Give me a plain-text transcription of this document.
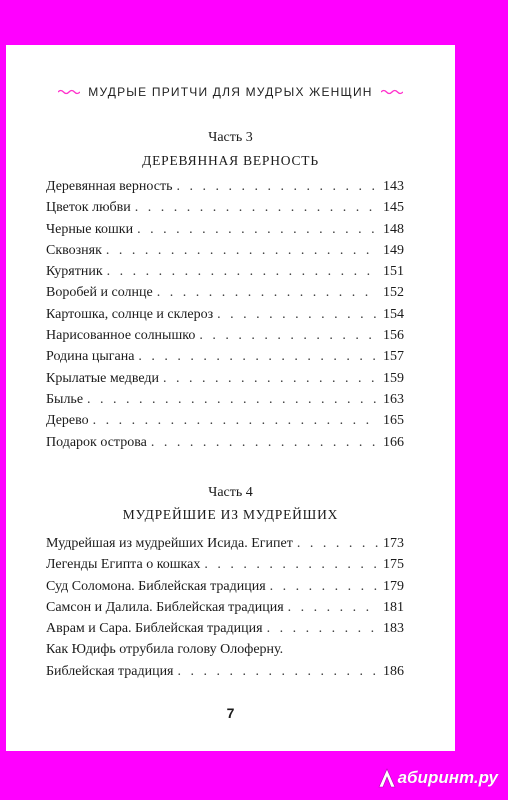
МУДРЫЕ ПРИТЧИ ДЛЯ МУДРЫХ ЖЕНЩИН
Часть 3
ДЕРЕВЯННАЯ ВЕРНОСТЬ
Деревянная верность . . .	143
Цветок любви . . .	145
Черные кошки . . .	148
Сквозняк . . .	149
Курятник . . .	151
Воробей и солнце . . .	152
Картошка, солнце и склероз . . .	154
Нарисованное солнышко . . .	156
Родина цыгана . . .	157
Крылатые медведи . . .	159
Былье . . .	163
Дерево . . .	165
Подарок острова . . .	166
Часть 4
МУДРЕЙШИЕ ИЗ МУДРЕЙШИХ
Мудрейшая из мудрейших Исида. Египет . . .	173
Легенды Египта о кошках . . .	175
Суд Соломона. Библейская традиция . . .	179
Самсон и Далила. Библейская традиция . . .	181
Аврам и Сара. Библейская традиция . . .	183
Как Юдифь отрубила голову Олоферну.
Библейская традиция . . .	186
7
абиринт.ру
